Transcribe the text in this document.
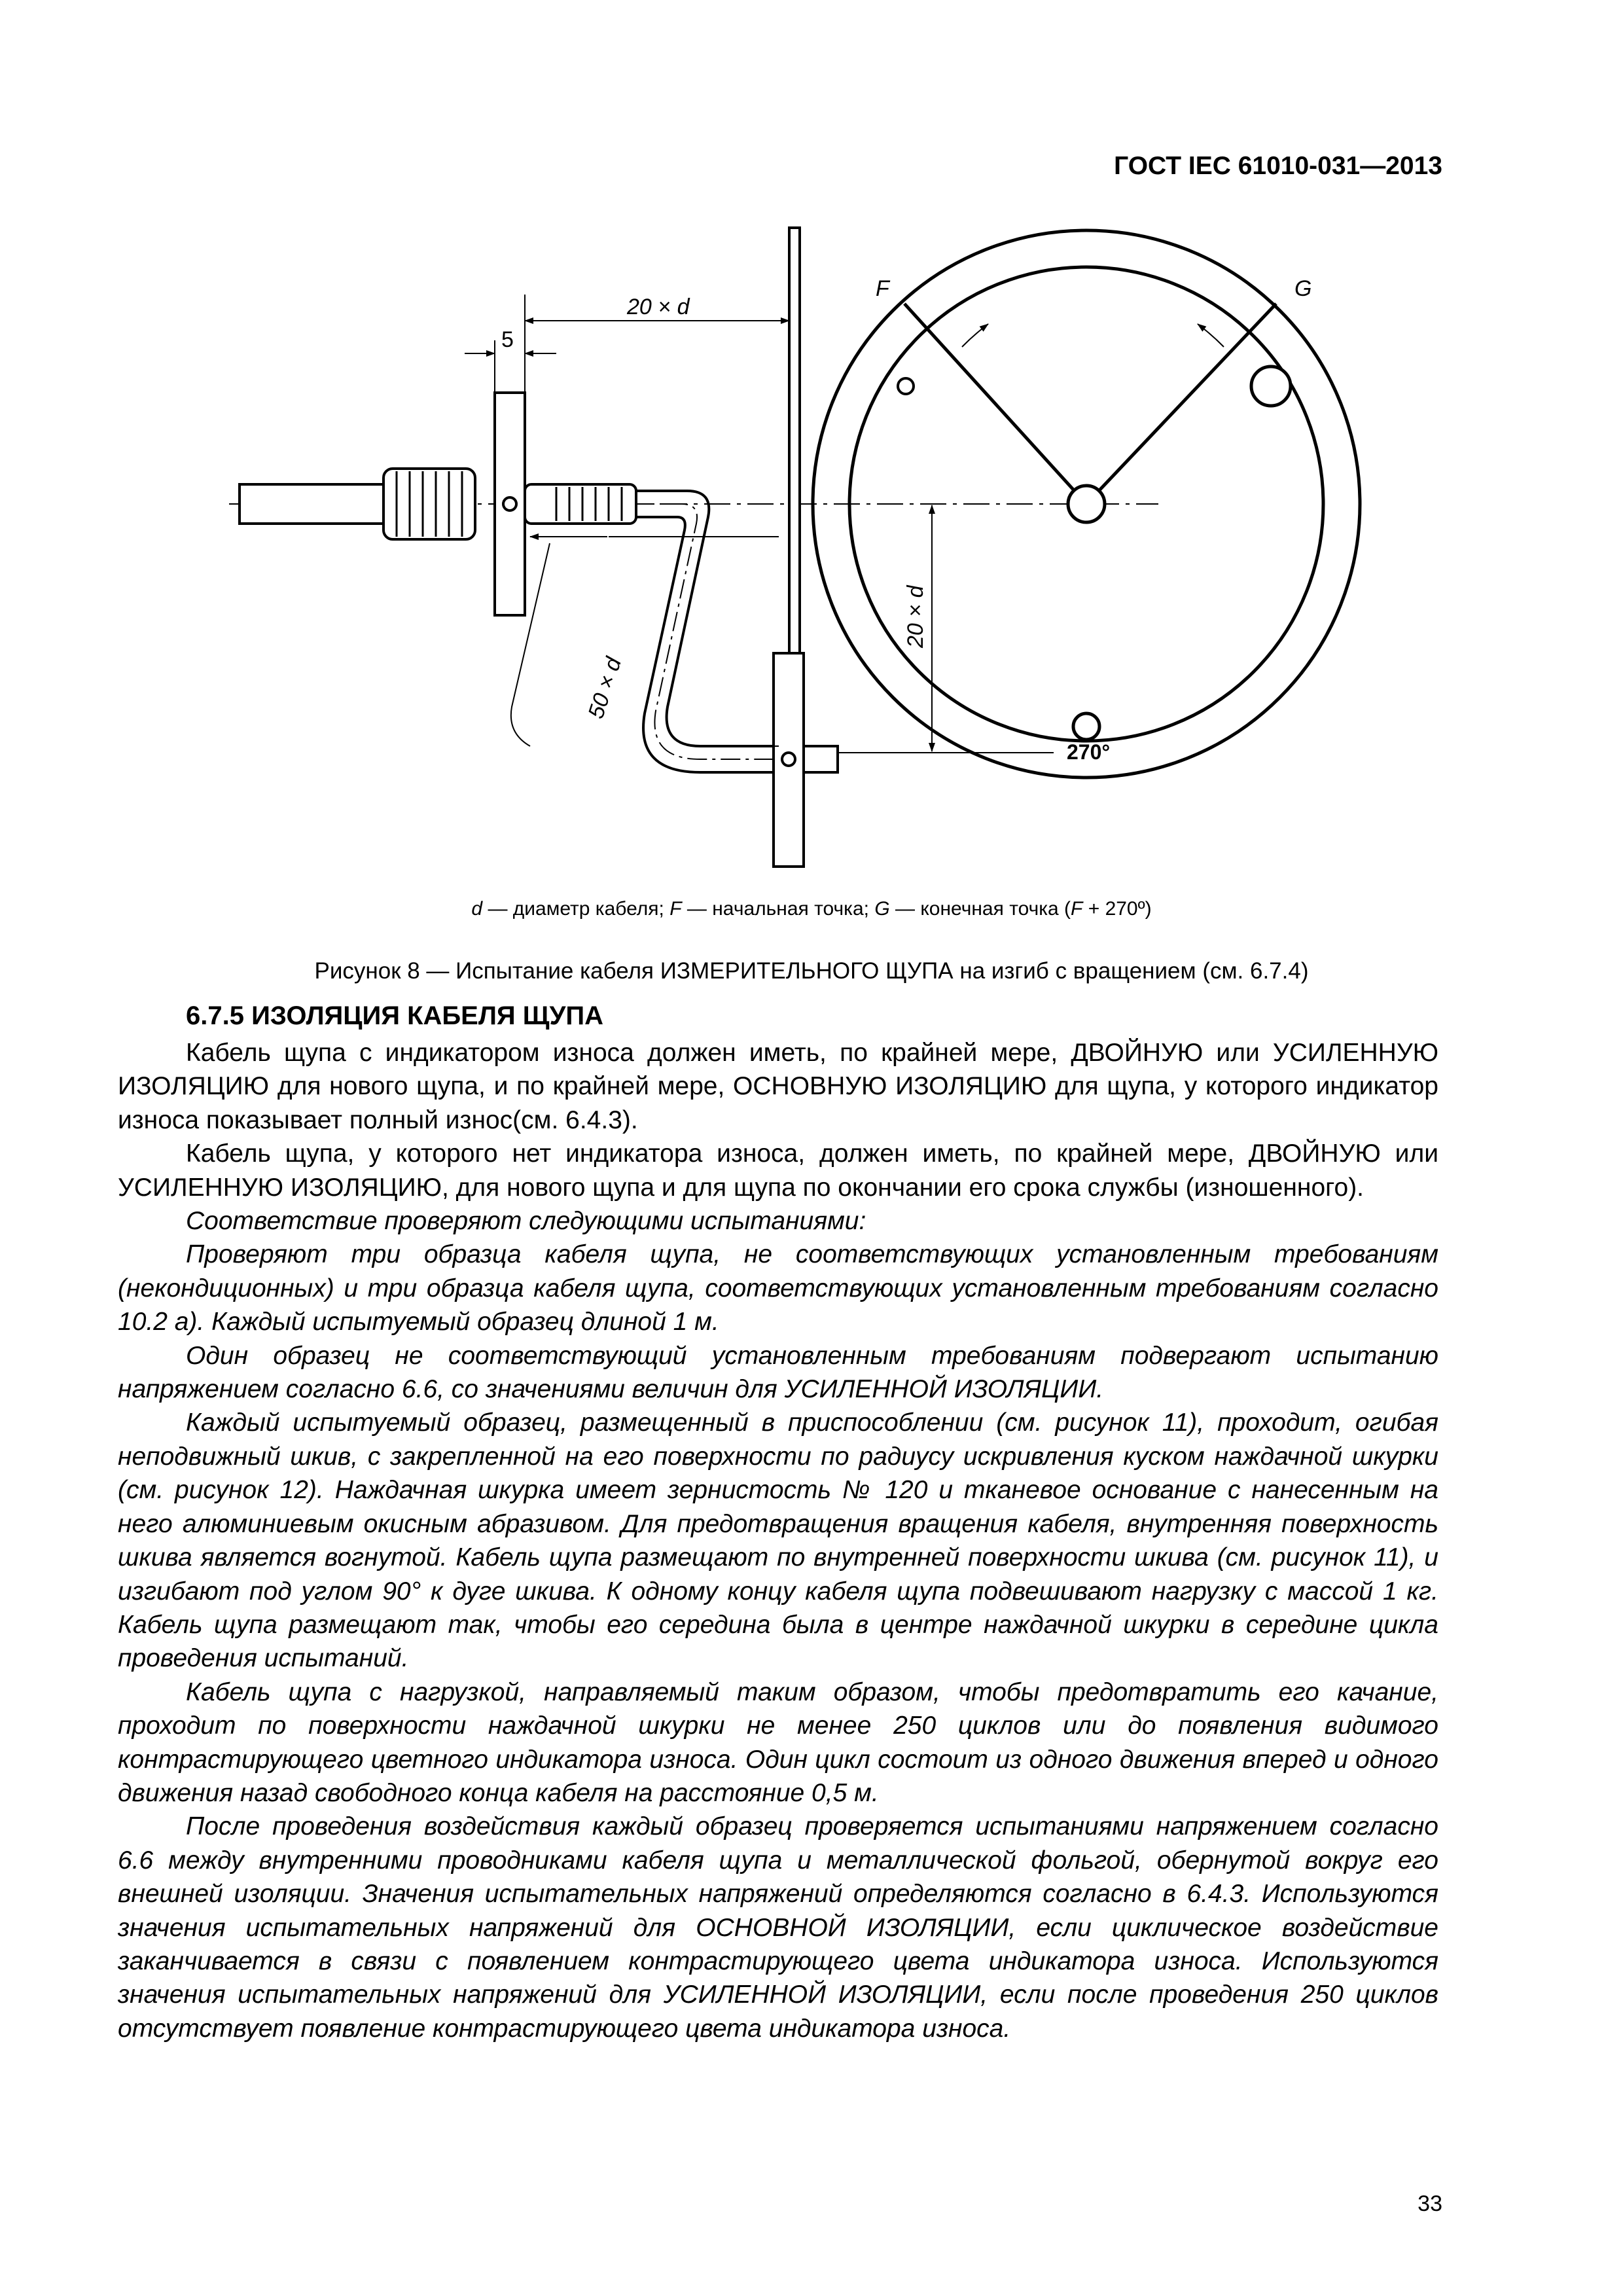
ГОСТ IEC 61010-031—2013
20 × d
5
50 × d
20 × d
F	G
270°
d — диаметр кабеля; F — начальная точка; G — конечная точка (F + 270º)
Рисунок 8 — Испытание кабеля ИЗМЕРИТЕЛЬНОГО ЩУПА на изгиб с вращением (см. 6.7.4)
6.7.5 ИЗОЛЯЦИЯ КАБЕЛЯ ЩУПА

Кабель щупа с индикатором износа должен иметь, по крайней мере, ДВОЙНУЮ или УСИЛЕННУЮ ИЗОЛЯЦИЮ для нового щупа, и по крайней мере, ОСНОВНУЮ ИЗОЛЯЦИЮ для щупа, у которого индикатор износа показывает полный износ(см. 6.4.3).

Кабель щупа, у которого нет индикатора износа, должен иметь, по крайней мере, ДВОЙНУЮ или УСИЛЕННУЮ ИЗОЛЯЦИЮ, для нового щупа и для щупа по окончании его срока службы (изношенного).

Соответствие проверяют следующими испытаниями:

Проверяют три образца кабеля щупа, не соответствующих установленным требованиям (некондиционных) и три образца кабеля щупа, соответствующих установленным требованиям согласно 10.2 а). Каждый испытуемый образец длиной 1 м.

Один образец не соответствующий установленным требованиям подвергают испытанию напряжением согласно 6.6, со значениями величин для УСИЛЕННОЙ ИЗОЛЯЦИИ.

Каждый испытуемый образец, размещенный в приспособлении (см. рисунок 11), проходит, огибая неподвижный шкив, с закрепленной на его поверхности по радиусу искривления куском наждачной шкурки (см. рисунок 12). Наждачная шкурка имеет зернистость № 120 и тканевое основание с нанесенным на него алюминиевым окисным абразивом. Для предотвращения вращения кабеля, внутренняя поверхность шкива является вогнутой. Кабель щупа размещают по внутренней поверхности шкива (см. рисунок 11), и изгибают под углом 90° к дуге шкива. К одному концу кабеля щупа подвешивают нагрузку с массой 1 кг. Кабель щупа размещают так, чтобы его середина была в центре наждачной шкурки в середине цикла проведения испытаний.

Кабель щупа с нагрузкой, направляемый таким образом, чтобы предотвратить его качание, проходит по поверхности наждачной шкурки не менее 250 циклов или до появления видимого контрастирующего цветного индикатора износа. Один цикл состоит из одного движения вперед и одного движения назад свободного конца кабеля на расстояние 0,5 м.

После проведения воздействия каждый образец проверяется испытаниями напряжением согласно 6.6 между внутренними проводниками кабеля щупа и металлической фольгой, обернутой вокруг его внешней изоляции. Значения испытательных напряжений определяются согласно в 6.4.3. Используются значения испытательных напряжений для ОСНОВНОЙ ИЗОЛЯЦИИ, если циклическое воздействие заканчивается в связи с появлением контрастирующего цвета индикатора износа. Используются значения испытательных напряжений для УСИЛЕННОЙ ИЗОЛЯЦИИ, если после проведения 250 циклов отсутствует появление контрастирующего цвета индикатора износа.

33
